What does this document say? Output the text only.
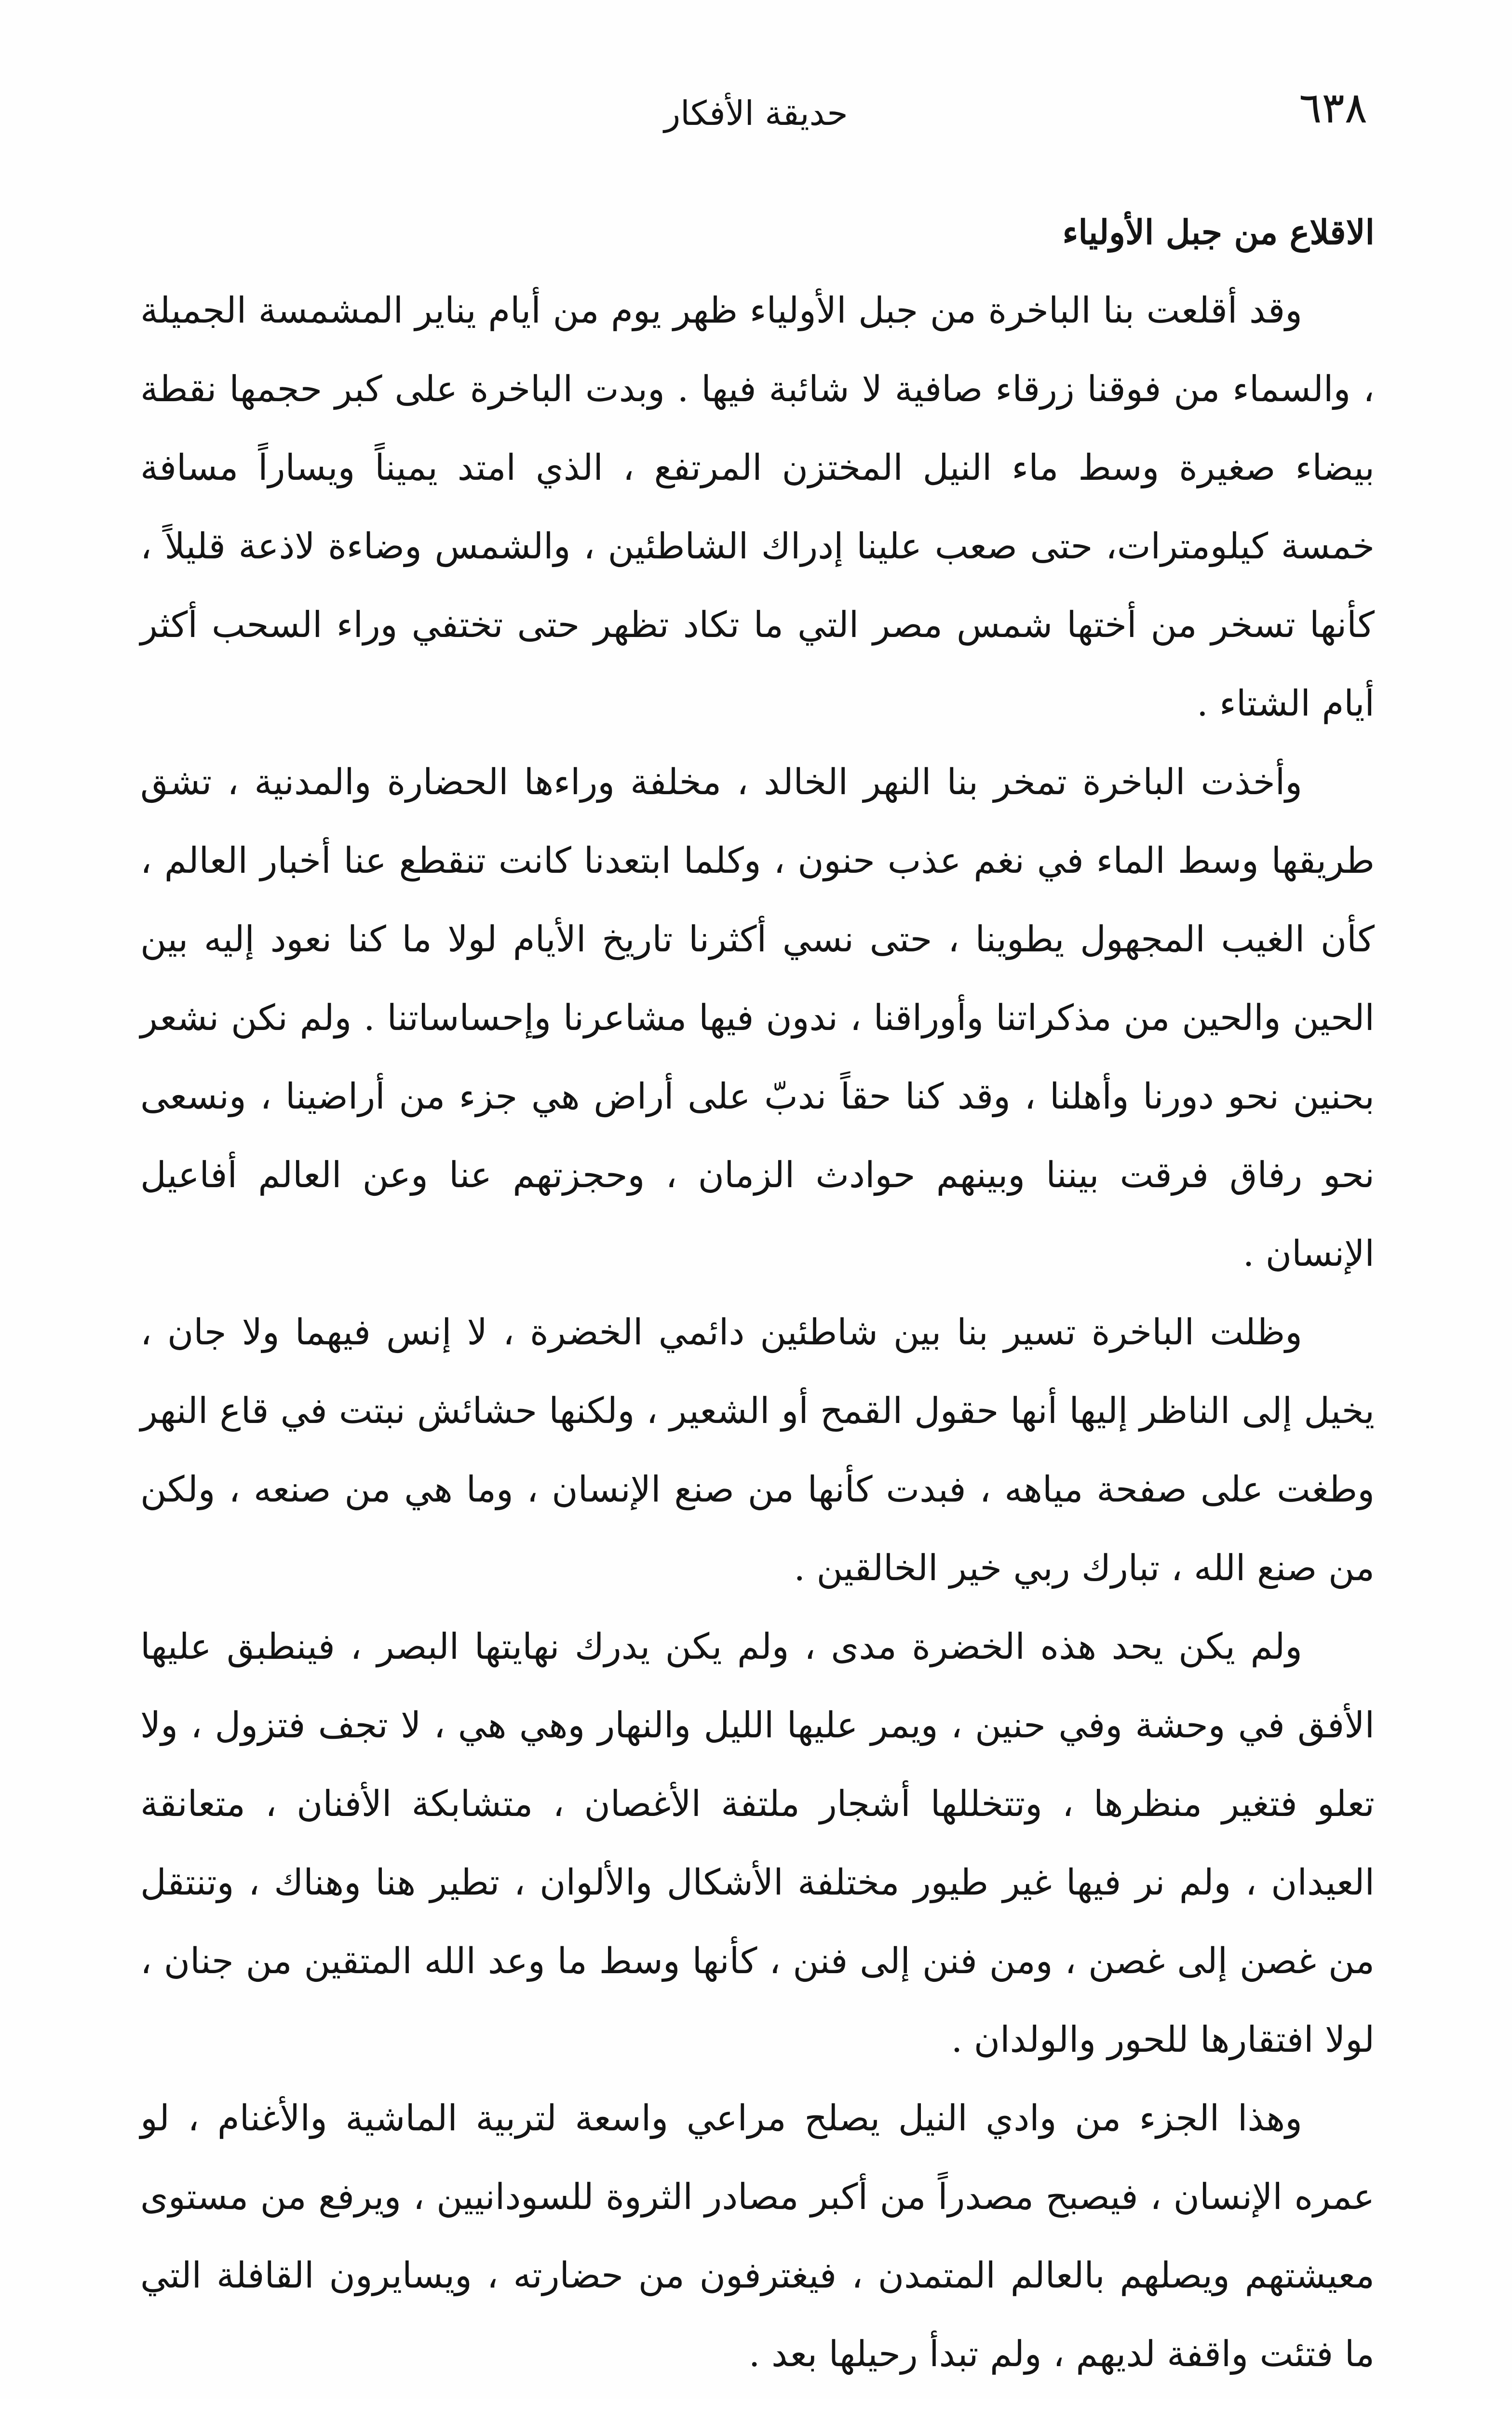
٦٣٨
حديقة الأفكار

الاقلاع من جبل الأولياء

وقد أقلعت بنا الباخرة من جبل الأولياء ظهر يوم من أيام يناير المشمسة الجميلة ، والسماء من فوقنا زرقاء صافية لا شائبة فيها . وبدت الباخرة على كبر حجمها نقطة بيضاء صغيرة وسط ماء النيل المختزن المرتفع ، الذي امتد يميناً ويساراً مسافة خمسة كيلومترات، حتى صعب علينا إدراك الشاطئين ، والشمس وضاءة لاذعة قليلاً ، كأنها تسخر من أختها شمس مصر التي ما تكاد تظهر حتى تختفي وراء السحب أكثر أيام الشتاء .

وأخذت الباخرة تمخر بنا النهر الخالد ، مخلفة وراءها الحضارة والمدنية ، تشق طريقها وسط الماء في نغم عذب حنون ، وكلما ابتعدنا كانت تنقطع عنا أخبار العالم ، كأن الغيب المجهول يطوينا ، حتى نسي أكثرنا تاريخ الأيام لولا ما كنا نعود إليه بين الحين والحين من مذكراتنا وأوراقنا ، ندون فيها مشاعرنا وإحساساتنا . ولم نكن نشعر بحنين نحو دورنا وأهلنا ، وقد كنا حقاً ندبّ على أراض هي جزء من أراضينا ، ونسعى نحو رفاق فرقت بيننا وبينهم حوادث الزمان ، وحجزتهم عنا وعن العالم أفاعيل الإنسان .

وظلت الباخرة تسير بنا بين شاطئين دائمي الخضرة ، لا إنس فيهما ولا جان ، يخيل إلى الناظر إليها أنها حقول القمح أو الشعير ، ولكنها حشائش نبتت في قاع النهر وطغت على صفحة مياهه ، فبدت كأنها من صنع الإنسان ، وما هي من صنعه ، ولكن من صنع الله ، تبارك ربي خير الخالقين .

ولم يكن يحد هذه الخضرة مدى ، ولم يكن يدرك نهايتها البصر ، فينطبق عليها الأفق في وحشة وفي حنين ، ويمر عليها الليل والنهار وهي هي ، لا تجف فتزول ، ولا تعلو فتغير منظرها ، وتتخللها أشجار ملتفة الأغصان ، متشابكة الأفنان ، متعانقة العيدان ، ولم نر فيها غير طيور مختلفة الأشكال والألوان ، تطير هنا وهناك ، وتنتقل من غصن إلى غصن ، ومن فنن إلى فنن ، كأنها وسط ما وعد الله المتقين من جنان ، لولا افتقارها للحور والولدان .

وهذا الجزء من وادي النيل يصلح مراعي واسعة لتربية الماشية والأغنام ، لو عمره الإنسان ، فيصبح مصدراً من أكبر مصادر الثروة للسودانيين ، ويرفع من مستوى معيشتهم ويصلهم بالعالم المتمدن ، فيغترفون من حضارته ، ويسايرون القافلة التي ما فتئت واقفة لديهم ، ولم تبدأ رحيلها بعد .
